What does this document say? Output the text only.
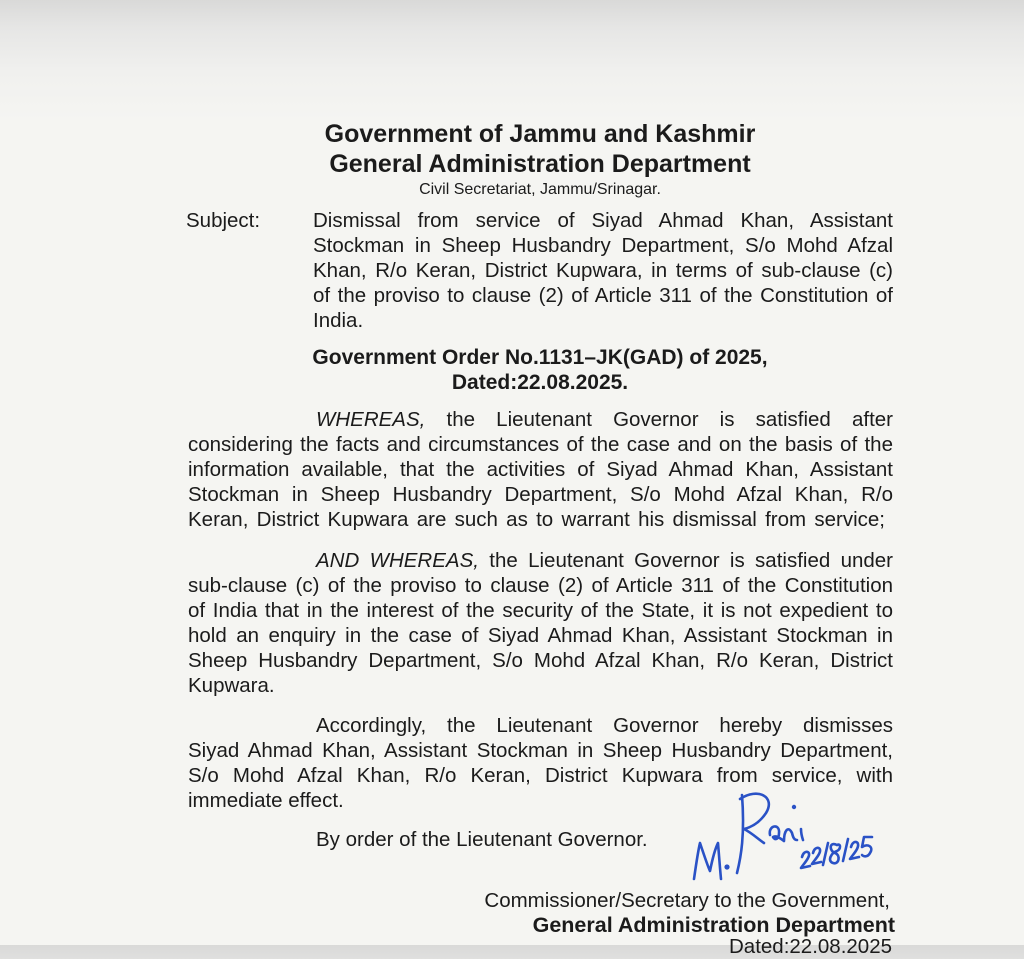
Government of Jammu and Kashmir
General Administration Department
Civil Secretariat, Jammu/Srinagar.
Subject:	Dismissal from service of Siyad Ahmad Khan, Assistant
Stockman in Sheep Husbandry Department, S/o Mohd Afzal
Khan, R/o Keran, District Kupwara, in terms of sub-clause (c)
of the proviso to clause (2) of Article 311 of the Constitution of
India.
Government Order No.1131–JK(GAD) of 2025,
Dated:22.08.2025.
WHEREAS, the Lieutenant Governor is satisfied after
considering the facts and circumstances of the case and on the basis of the
information available, that the activities of Siyad Ahmad Khan, Assistant
Stockman in Sheep Husbandry Department, S/o Mohd Afzal Khan, R/o
Keran, District Kupwara are such as to warrant his dismissal from service;
AND WHEREAS, the Lieutenant Governor is satisfied under
sub-clause (c) of the proviso to clause (2) of Article 311 of the Constitution
of India that in the interest of the security of the State, it is not expedient to
hold an enquiry in the case of Siyad Ahmad Khan, Assistant Stockman in
Sheep Husbandry Department, S/o Mohd Afzal Khan, R/o Keran, District
Kupwara.
Accordingly, the Lieutenant Governor hereby dismisses
Siyad Ahmad Khan, Assistant Stockman in Sheep Husbandry Department,
S/o Mohd Afzal Khan, R/o Keran, District Kupwara from service, with
immediate effect.
By order of the Lieutenant Governor.
Commissioner/Secretary to the Government,
General Administration Department
Dated:22.08.2025
